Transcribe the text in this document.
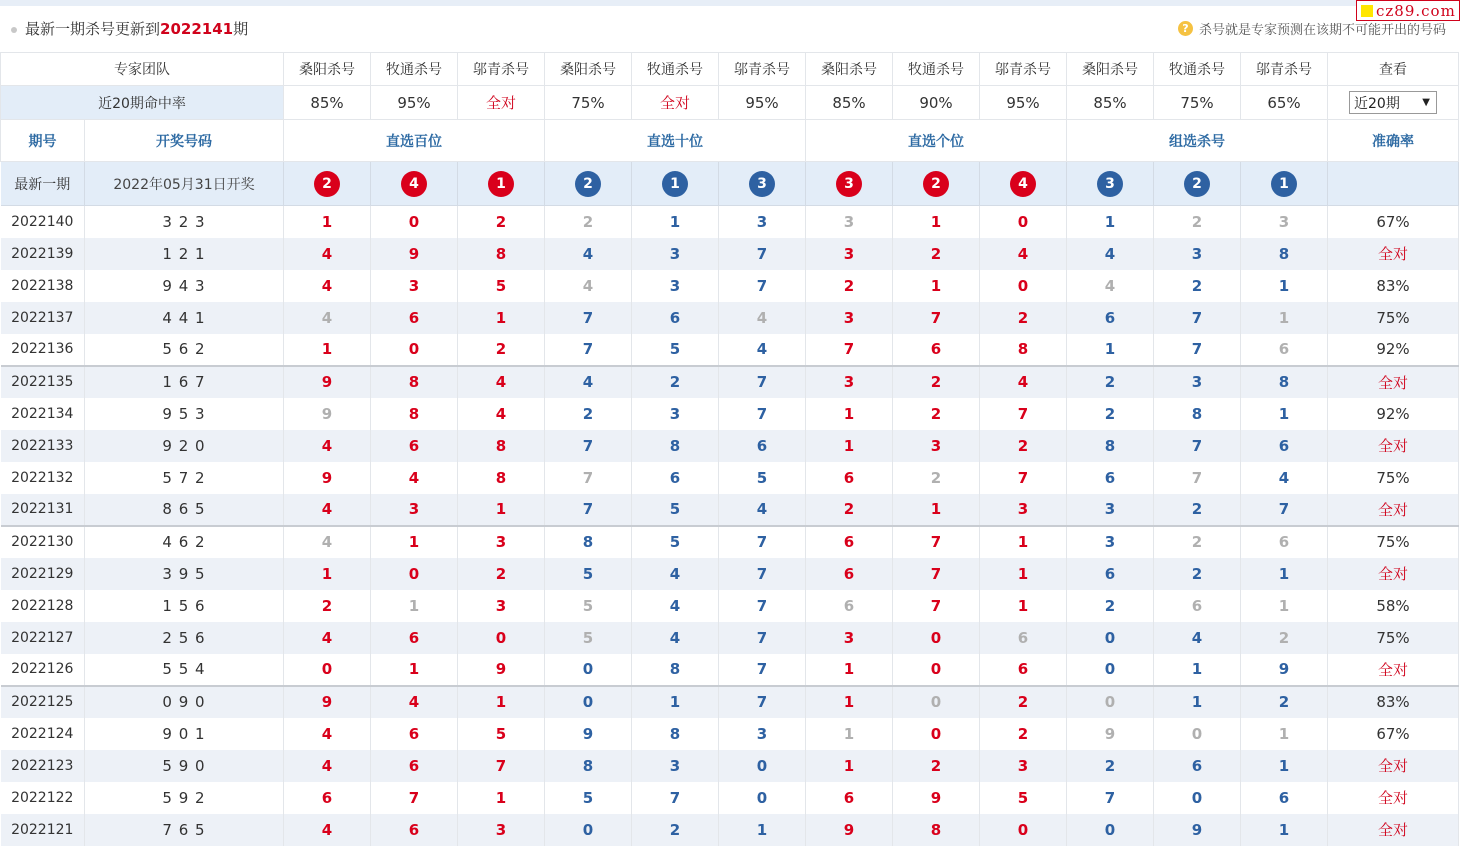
cz89.com
最新一期杀号更新到2022141期	? 杀号就是专家预测在该期不可能开出的号码
专家团队		桑阳杀号	牧通杀号	邬青杀号	桑阳杀号	牧通杀号	邬青杀号	桑阳杀号	牧通杀号	邬青杀号	桑阳杀号	牧通杀号	邬青杀号	查看
近20期命中率		85%	95%	全对	75%	全对	95%	85%	90%	95%	85%	75%	65%	近20期 ▼

期号	开奖号码	直选百位			直选十位			直选个位			组选杀号			准确率
最新一期	2022年05月31日开奖	2	4	1	2	1	3	3	2	4	3	2	1	
2022140	3 2 3	1	0	2	2	1	3	3	1	0	1	2	3	67%
2022139	1 2 1	4	9	8	4	3	7	3	2	4	4	3	8	全对
2022138	9 4 3	4	3	5	4	3	7	2	1	0	4	2	1	83%
2022137	4 4 1	4	6	1	7	6	4	3	7	2	6	7	1	75%
2022136	5 6 2	1	0	2	7	5	4	7	6	8	1	7	6	92%
2022135	1 6 7	9	8	4	4	2	7	3	2	4	2	3	8	全对
2022134	9 5 3	9	8	4	2	3	7	1	2	7	2	8	1	92%
2022133	9 2 0	4	6	8	7	8	6	1	3	2	8	7	6	全对
2022132	5 7 2	9	4	8	7	6	5	6	2	7	6	7	4	75%
2022131	8 6 5	4	3	1	7	5	4	2	1	3	3	2	7	全对
2022130	4 6 2	4	1	3	8	5	7	6	7	1	3	2	6	75%
2022129	3 9 5	1	0	2	5	4	7	6	7	1	6	2	1	全对
2022128	1 5 6	2	1	3	5	4	7	6	7	1	2	6	1	58%
2022127	2 5 6	4	6	0	5	4	7	3	0	6	0	4	2	75%
2022126	5 5 4	0	1	9	0	8	7	1	0	6	0	1	9	全对
2022125	0 9 0	9	4	1	0	1	7	1	0	2	0	1	2	83%
2022124	9 0 1	4	6	5	9	8	3	1	0	2	9	0	1	67%
2022123	5 9 0	4	6	7	8	3	0	1	2	3	2	6	1	全对
2022122	5 9 2	6	7	1	5	7	0	6	9	5	7	0	6	全对
2022121	7 6 5	4	6	3	0	2	1	9	8	0	0	9	1	全对
